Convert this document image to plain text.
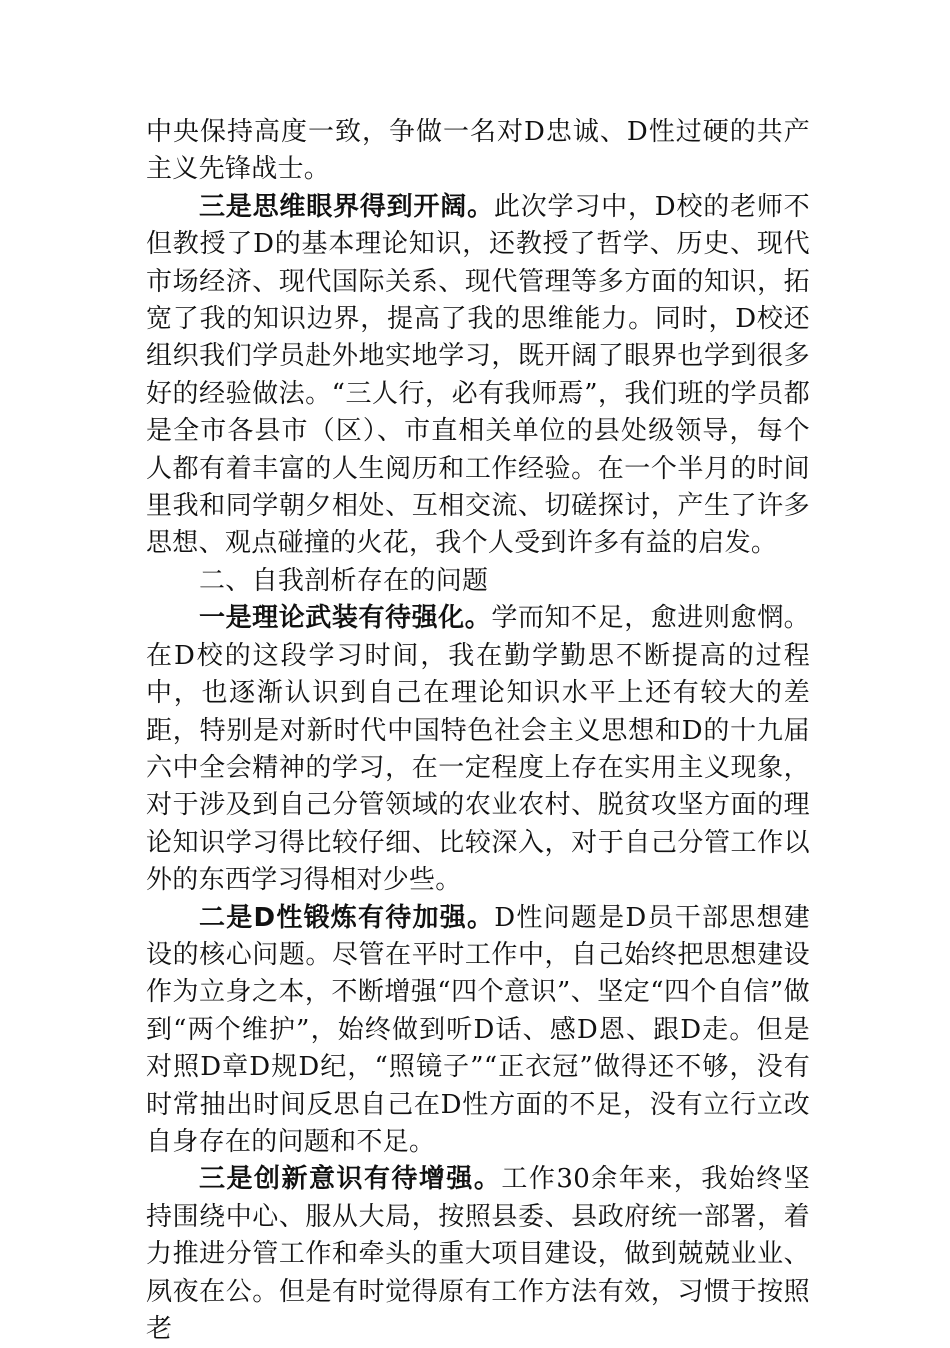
中央保持高度一致，争做一名对D忠诚、D性过硬的共产主义先锋战士。

三是思维眼界得到开阔。此次学习中，D校的老师不但教授了D的基本理论知识，还教授了哲学、历史、现代市场经济、现代国际关系、现代管理等多方面的知识，拓宽了我的知识边界，提高了我的思维能力。同时，D校还组织我们学员赴外地实地学习，既开阔了眼界也学到很多好的经验做法。“三人行，必有我师焉”，我们班的学员都是全市各县市（区）、市直相关单位的县处级领导，每个人都有着丰富的人生阅历和工作经验。在一个半月的时间里我和同学朝夕相处、互相交流、切磋探讨，产生了许多思想、观点碰撞的火花，我个人受到许多有益的启发。

二、自我剖析存在的问题

一是理论武装有待强化。学而知不足，愈进则愈惘。在D校的这段学习时间，我在勤学勤思不断提高的过程中，也逐渐认识到自己在理论知识水平上还有较大的差距，特别是对新时代中国特色社会主义思想和D的十九届六中全会精神的学习，在一定程度上存在实用主义现象，对于涉及到自己分管领域的农业农村、脱贫攻坚方面的理论知识学习得比较仔细、比较深入，对于自己分管工作以外的东西学习得相对少些。

二是D性锻炼有待加强。D性问题是D员干部思想建设的核心问题。尽管在平时工作中，自己始终把思想建设作为立身之本，不断增强“四个意识”、坚定“四个自信”做到“两个维护”，始终做到听D话、感D恩、跟D走。但是对照D章D规D纪，“照镜子”“正衣冠”做得还不够，没有时常抽出时间反思自己在D性方面的不足，没有立行立改自身存在的问题和不足。

三是创新意识有待增强。工作30余年来，我始终坚持围绕中心、服从大局，按照县委、县政府统一部署，着力推进分管工作和牵头的重大项目建设，做到兢兢业业、夙夜在公。但是有时觉得原有工作方法有效，习惯于按照老
